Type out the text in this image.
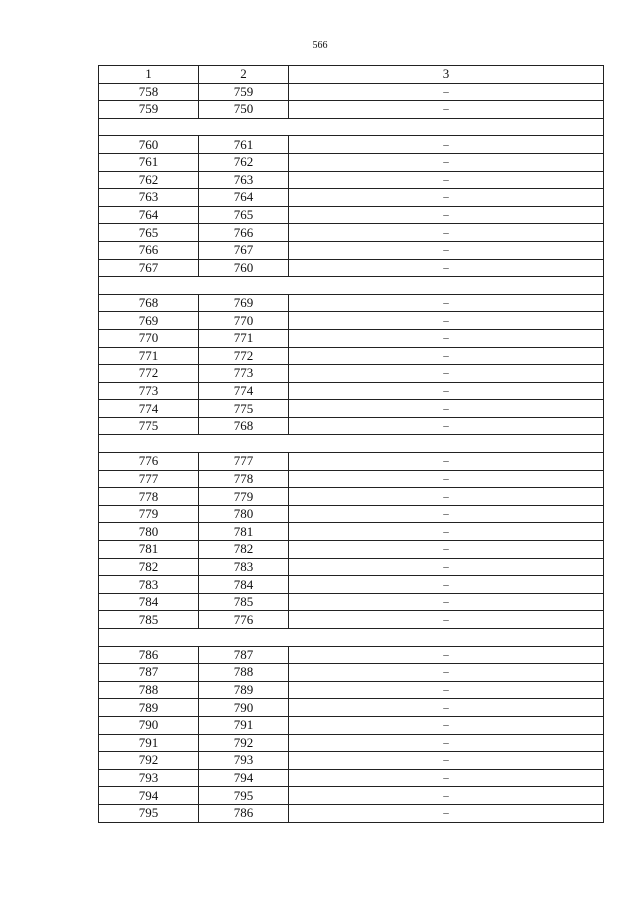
566
1	2	3
758	759	–
759	750	–

760	761	–
761	762	–
762	763	–
763	764	–
764	765	–
765	766	–
766	767	–
767	760	–

768	769	–
769	770	–
770	771	–
771	772	–
772	773	–
773	774	–
774	775	–
775	768	–

776	777	–
777	778	–
778	779	–
779	780	–
780	781	–
781	782	–
782	783	–
783	784	–
784	785	–
785	776	–

786	787	–
787	788	–
788	789	–
789	790	–
790	791	–
791	792	–
792	793	–
793	794	–
794	795	–
795	786	–
